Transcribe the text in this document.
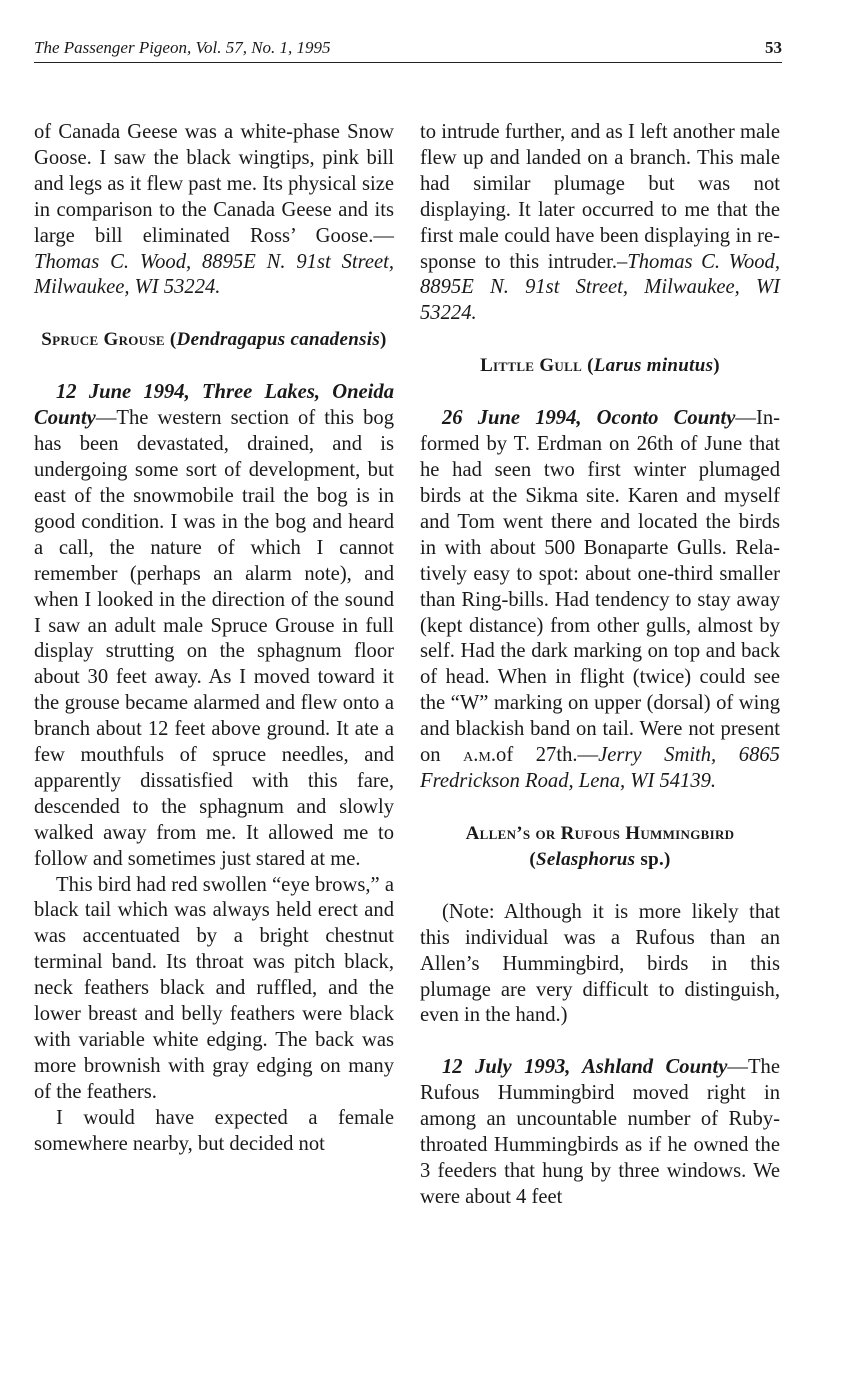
The Passenger Pigeon, Vol. 57, No. 1, 1995	53

of Canada Geese was a white-phase Snow Goose. I saw the black wingtips, pink bill and legs as it flew past me. Its physical size in comparison to the Canada Geese and its large bill eliminated Ross’ Goose.—Thomas C. Wood, 8895E N. 91st Street, Milwaukee, WI 53224.

Spruce Grouse (Dendragapus canadensis)

12 June 1994, Three Lakes, Oneida County—The western section of this bog has been devastated, drained, and is undergoing some sort of development, but east of the snowmobile trail the bog is in good condition. I was in the bog and heard a call, the nature of which I cannot remember (perhaps an alarm note), and when I looked in the direction of the sound I saw an adult male Spruce Grouse in full display strutting on the sphagnum floor about 30 feet away. As I moved toward it the grouse became alarmed and flew onto a branch about 12 feet above ground. It ate a few mouthfuls of spruce needles, and apparently dissatisfied with this fare, descended to the sphagnum and slowly walked away from me. It allowed me to follow and sometimes just stared at me.

This bird had red swollen “eye brows,” a black tail which was always held erect and was accentuated by a bright chestnut terminal band. Its throat was pitch black, neck feathers black and ruffled, and the lower breast and belly feathers were black with variable white edging. The back was more brownish with gray edging on many of the feathers.

I would have expected a female somewhere nearby, but decided not

to intrude further, and as I left another male flew up and landed on a branch. This male had similar plumage but was not displaying. It later occurred to me that the first male could have been displaying in response to this intruder.–Thomas C. Wood, 8895E N. 91st Street, Milwaukee, WI 53224.

Little Gull (Larus minutus)

26 June 1994, Oconto County—Informed by T. Erdman on 26th of June that he had seen two first winter plumaged birds at the Sikma site. Karen and myself and Tom went there and located the birds in with about 500 Bonaparte Gulls. Relatively easy to spot: about one-third smaller than Ring-bills. Had tendency to stay away (kept distance) from other gulls, almost by self. Had the dark marking on top and back of head. When in flight (twice) could see the “W” marking on upper (dorsal) of wing and blackish band on tail. Were not present on a.m.of 27th.—Jerry Smith, 6865 Fredrickson Road, Lena, WI 54139.

Allen’s or Rufous Hummingbird
(Selasphorus sp.)

(Note: Although it is more likely that this individual was a Rufous than an Allen’s Hummingbird, birds in this plumage are very difficult to distinguish, even in the hand.)

12 July 1993, Ashland County—The Rufous Hummingbird moved right in among an uncountable number of Ruby-throated Hummingbirds as if he owned the 3 feeders that hung by three windows. We were about 4 feet
